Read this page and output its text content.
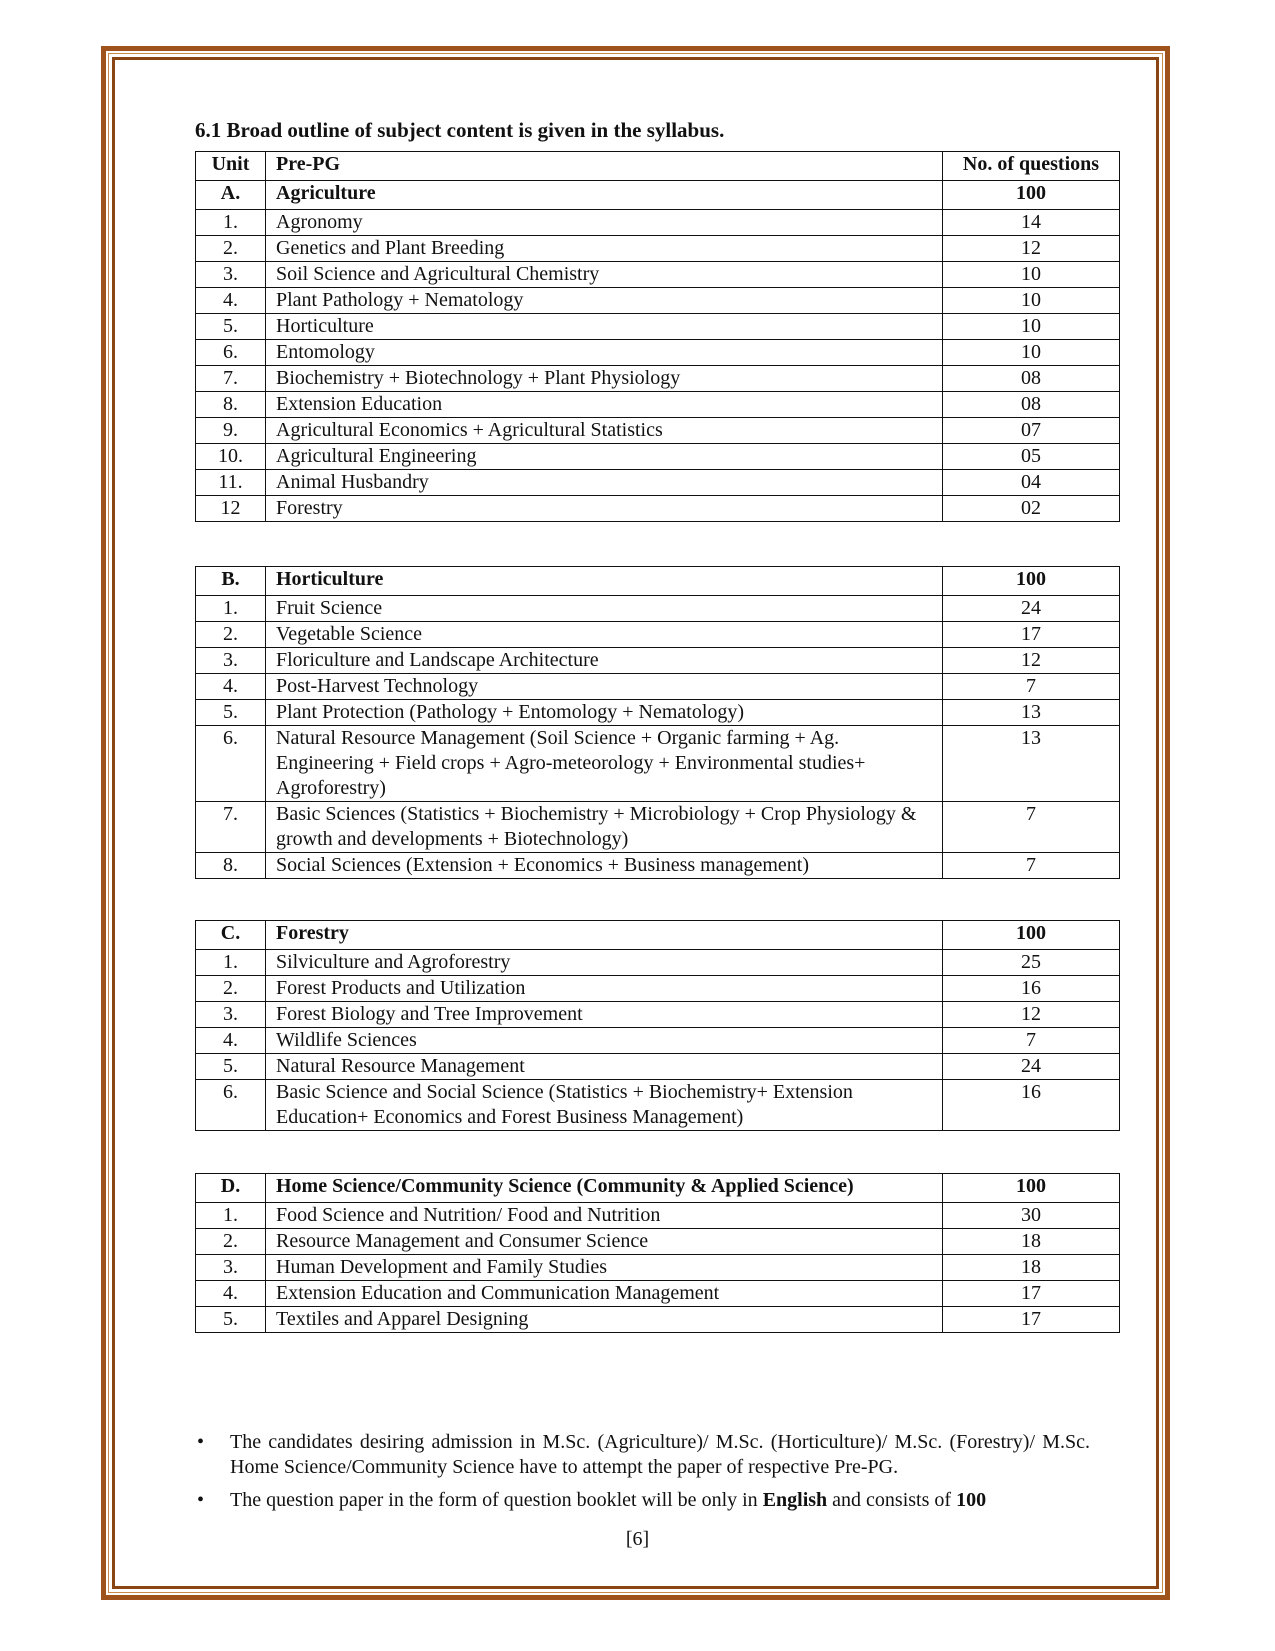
6.1 Broad outline of subject content is given in the syllabus.
Unit	Pre-PG	No. of questions
A.	Agriculture	100
1.	Agronomy	14
2.	Genetics and Plant Breeding	12
3.	Soil Science and Agricultural Chemistry	10
4.	Plant Pathology + Nematology	10
5.	Horticulture	10
6.	Entomology	10
7.	Biochemistry + Biotechnology + Plant Physiology	08
8.	Extension Education	08
9.	Agricultural Economics + Agricultural Statistics	07
10.	Agricultural Engineering	05
11.	Animal Husbandry	04
12	Forestry	02
B.	Horticulture	100
1.	Fruit Science	24
2.	Vegetable Science	17
3.	Floriculture and Landscape Architecture	12
4.	Post-Harvest Technology	7
5.	Plant Protection (Pathology + Entomology + Nematology)	13
6.	Natural Resource Management (Soil Science + Organic farming + Ag. Engineering + Field crops + Agro-meteorology + Environmental studies+ Agroforestry)	13
7.	Basic Sciences (Statistics + Biochemistry + Microbiology + Crop Physiology & growth and developments + Biotechnology)	7
8.	Social Sciences (Extension + Economics + Business management)	7
C.	Forestry	100
1.	Silviculture and Agroforestry	25
2.	Forest Products and Utilization	16
3.	Forest Biology and Tree Improvement	12
4.	Wildlife Sciences	7
5.	Natural Resource Management	24
6.	Basic Science and Social Science (Statistics + Biochemistry+ Extension Education+ Economics and Forest Business Management)	16
D.	Home Science/Community Science (Community & Applied Science)	100
1.	Food Science and Nutrition/ Food and Nutrition	30
2.	Resource Management and Consumer Science	18
3.	Human Development and Family Studies	18
4.	Extension Education and Communication Management	17
5.	Textiles and Apparel Designing	17
• The candidates desiring admission in M.Sc. (Agriculture)/ M.Sc. (Horticulture)/ M.Sc. (Forestry)/ M.Sc. Home Science/Community Science have to attempt the paper of respective Pre-PG.
• The question paper in the form of question booklet will be only in English and consists of 100
[6]
